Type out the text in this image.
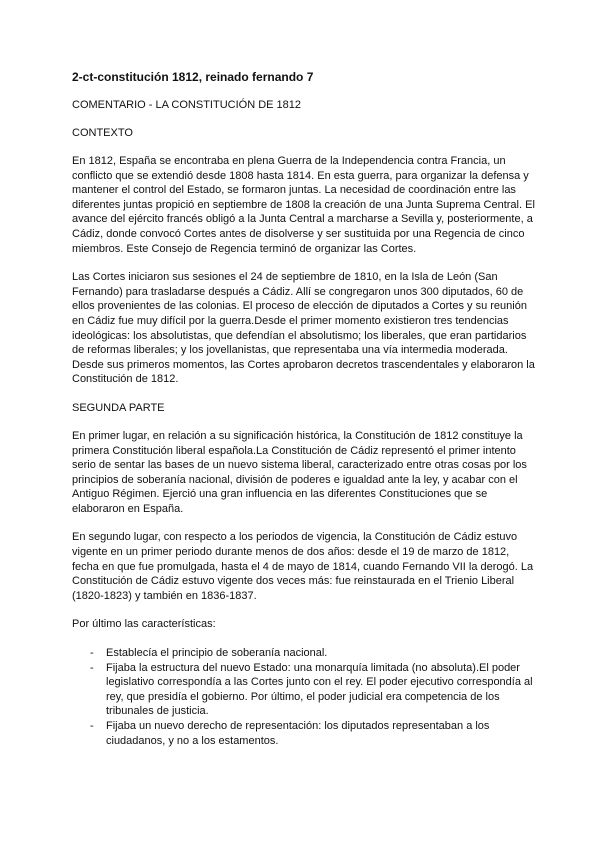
2-ct-constitución 1812, reinado fernando 7
COMENTARIO - LA CONSTITUCIÓN DE 1812
CONTEXTO

En 1812, España se encontraba en plena Guerra de la Independencia contra Francia, un conflicto que se extendió desde 1808 hasta 1814. En esta guerra, para organizar la defensa y mantener el control del Estado, se formaron juntas. La necesidad de coordinación entre las diferentes juntas propició en septiembre de 1808 la creación de una Junta Suprema Central. El avance del ejército francés obligó a la Junta Central a marcharse a Sevilla y, posteriormente, a Cádiz, donde convocó Cortes antes de disolverse y ser sustituida por una Regencia de cinco miembros. Este Consejo de Regencia terminó de organizar las Cortes.

Las Cortes iniciaron sus sesiones el 24 de septiembre de 1810, en la Isla de León (San Fernando) para trasladarse después a Cádiz. Allí se congregaron unos 300 diputados, 60 de ellos provenientes de las colonias. El proceso de elección de diputados a Cortes y su reunión en Cádiz fue muy difícil por la guerra.Desde el primer momento existieron tres tendencias ideológicas: los absolutistas, que defendían el absolutismo; los liberales, que eran partidarios de reformas liberales; y los jovellanistas, que representaba una vía intermedia moderada. Desde sus primeros momentos, las Cortes aprobaron decretos trascendentales y elaboraron la Constitución de 1812.

SEGUNDA PARTE

En primer lugar, en relación a su significación histórica, la Constitución de 1812 constituye la primera Constitución liberal española.La Constitución de Cádiz representó el primer intento serio de sentar las bases de un nuevo sistema liberal, caracterizado entre otras cosas por los principios de soberanía nacional, división de poderes e igualdad ante la ley, y acabar con el Antiguo Régimen. Ejerció una gran influencia en las diferentes Constituciones que se elaboraron en España.

En segundo lugar, con respecto a los periodos de vigencia, la Constitución de Cádiz estuvo vigente en un primer periodo durante menos de dos años: desde el 19 de marzo de 1812, fecha en que fue promulgada, hasta el 4 de mayo de 1814, cuando Fernando VII la derogó. La Constitución de Cádiz estuvo vigente dos veces más: fue reinstaurada en el Trienio Liberal (1820-1823) y también en 1836-1837.

Por último las características:
- Establecía el principio de soberanía nacional.
- Fijaba la estructura del nuevo Estado: una monarquía limitada (no absoluta).El poder legislativo correspondía a las Cortes junto con el rey. El poder ejecutivo correspondía al rey, que presidía el gobierno. Por último, el poder judicial era competencia de los tribunales de justicia.
- Fijaba un nuevo derecho de representación: los diputados representaban a los ciudadanos, y no a los estamentos.
